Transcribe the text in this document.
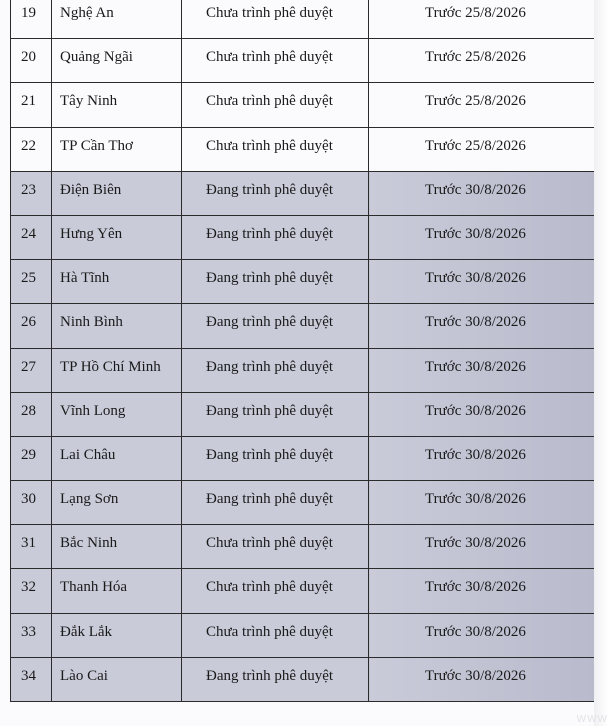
19	Nghệ An	Chưa trình phê duyệt	Trước 25/8/2026
20	Quảng Ngãi	Chưa trình phê duyệt	Trước 25/8/2026
21	Tây Ninh	Chưa trình phê duyệt	Trước 25/8/2026
22	TP Cần Thơ	Chưa trình phê duyệt	Trước 25/8/2026
23	Điện Biên	Đang trình phê duyệt	Trước 30/8/2026
24	Hưng Yên	Đang trình phê duyệt	Trước 30/8/2026
25	Hà Tĩnh	Đang trình phê duyệt	Trước 30/8/2026
26	Ninh Bình	Đang trình phê duyệt	Trước 30/8/2026
27	TP Hồ Chí Minh	Đang trình phê duyệt	Trước 30/8/2026
28	Vĩnh Long	Đang trình phê duyệt	Trước 30/8/2026
29	Lai Châu	Đang trình phê duyệt	Trước 30/8/2026
30	Lạng Sơn	Đang trình phê duyệt	Trước 30/8/2026
31	Bắc Ninh	Chưa trình phê duyệt	Trước 30/8/2026
32	Thanh Hóa	Chưa trình phê duyệt	Trước 30/8/2026
33	Đắk Lắk	Chưa trình phê duyệt	Trước 30/8/2026
34	Lào Cai	Đang trình phê duyệt	Trước 30/8/2026
WWW
